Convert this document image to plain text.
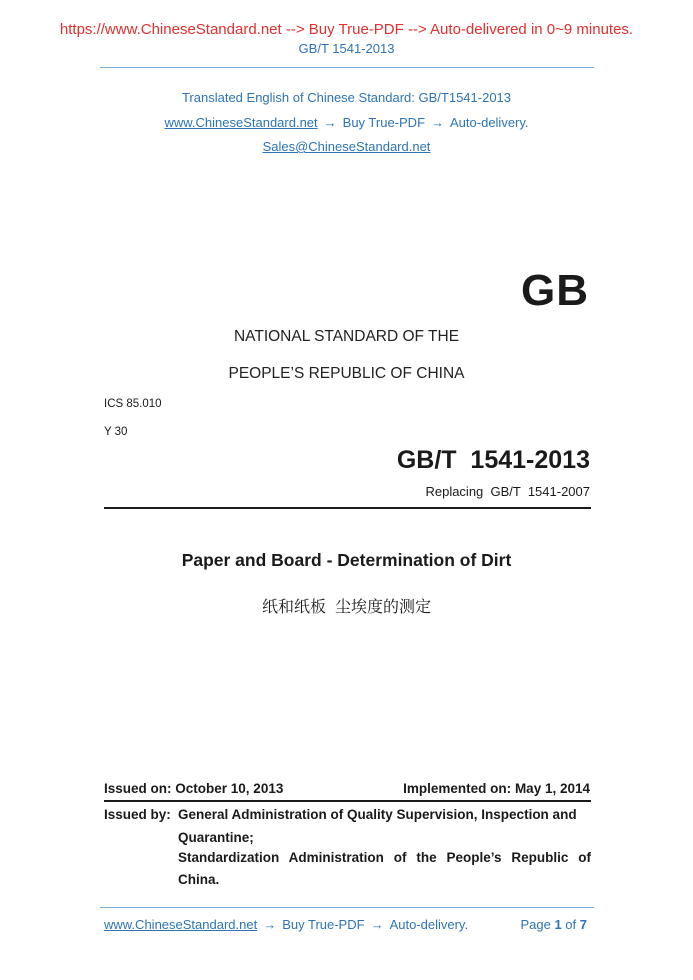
https://www.ChineseStandard.net --> Buy True-PDF --> Auto-delivered in 0~9 minutes.
GB/T 1541-2013
Translated English of Chinese Standard: GB/T1541-2013
www.ChineseStandard.net → Buy True-PDF → Auto-delivery.
Sales@ChineseStandard.net
GB
NATIONAL STANDARD OF THE
PEOPLE’S REPUBLIC OF CHINA
ICS 85.010
Y 30
GB/T  1541-2013
Replacing  GB/T  1541-2007
Paper and Board - Determination of Dirt
纸和纸板  尘埃度的测定
Issued on: October 10, 2013	Implemented on: May 1, 2014
Issued by: General Administration of Quality Supervision, Inspection and
Quarantine;
Standardization Administration of the People’s Republic of
China.
www.ChineseStandard.net → Buy True-PDF → Auto-delivery.	Page 1 of 7
